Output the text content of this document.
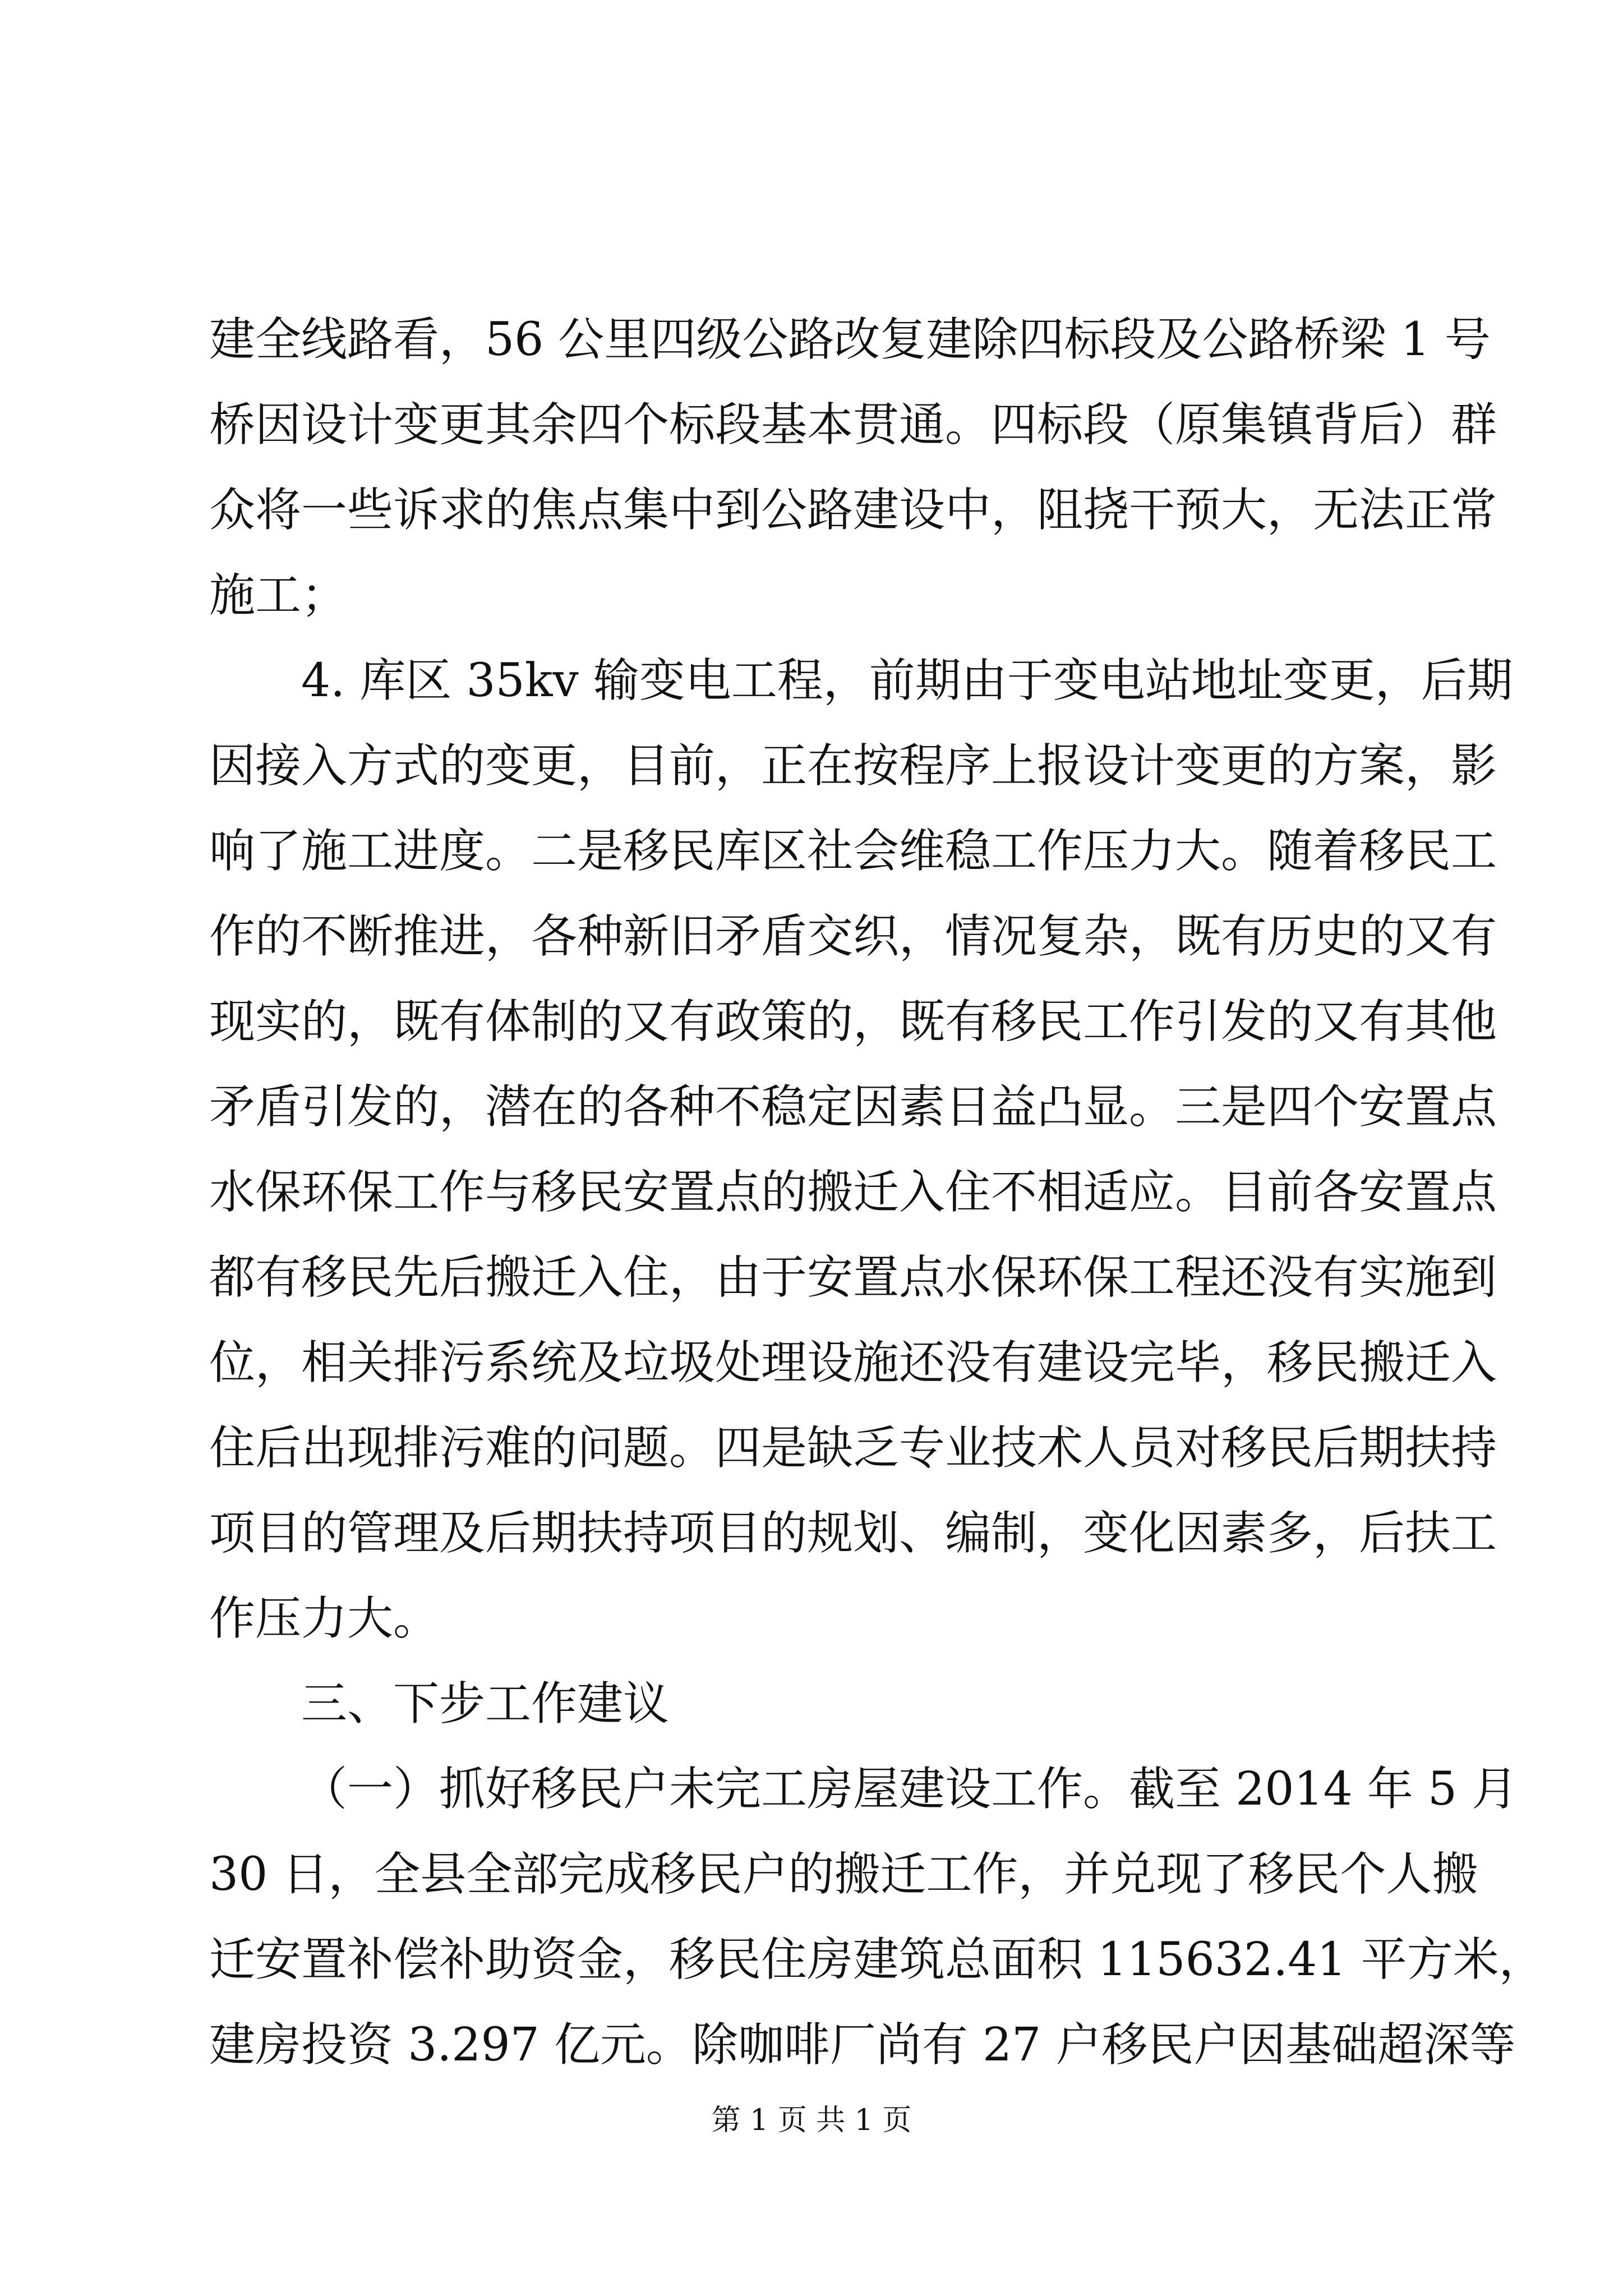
建全线路看，56 公里四级公路改复建除四标段及公路桥梁 1 号
桥因设计变更其余四个标段基本贯通。四标段（原集镇背后）群
众将一些诉求的焦点集中到公路建设中，阻挠干预大，无法正常
施工；
4. 库区 35kv 输变电工程，前期由于变电站地址变更，后期
因接入方式的变更，目前，正在按程序上报设计变更的方案，影
响了施工进度。二是移民库区社会维稳工作压力大。随着移民工
作的不断推进，各种新旧矛盾交织，情况复杂，既有历史的又有
现实的，既有体制的又有政策的，既有移民工作引发的又有其他
矛盾引发的，潜在的各种不稳定因素日益凸显。三是四个安置点
水保环保工作与移民安置点的搬迁入住不相适应。目前各安置点
都有移民先后搬迁入住，由于安置点水保环保工程还没有实施到
位，相关排污系统及垃圾处理设施还没有建设完毕，移民搬迁入
住后出现排污难的问题。四是缺乏专业技术人员对移民后期扶持
项目的管理及后期扶持项目的规划、编制，变化因素多，后扶工
作压力大。
三、下步工作建议
（一）抓好移民户未完工房屋建设工作。截至 2014 年 5 月
30 日，全县全部完成移民户的搬迁工作，并兑现了移民个人搬
迁安置补偿补助资金，移民住房建筑总面积 115632.41 平方米，
建房投资 3.297 亿元。除咖啡厂尚有 27 户移民户因基础超深等
第 1 页 共 1 页
